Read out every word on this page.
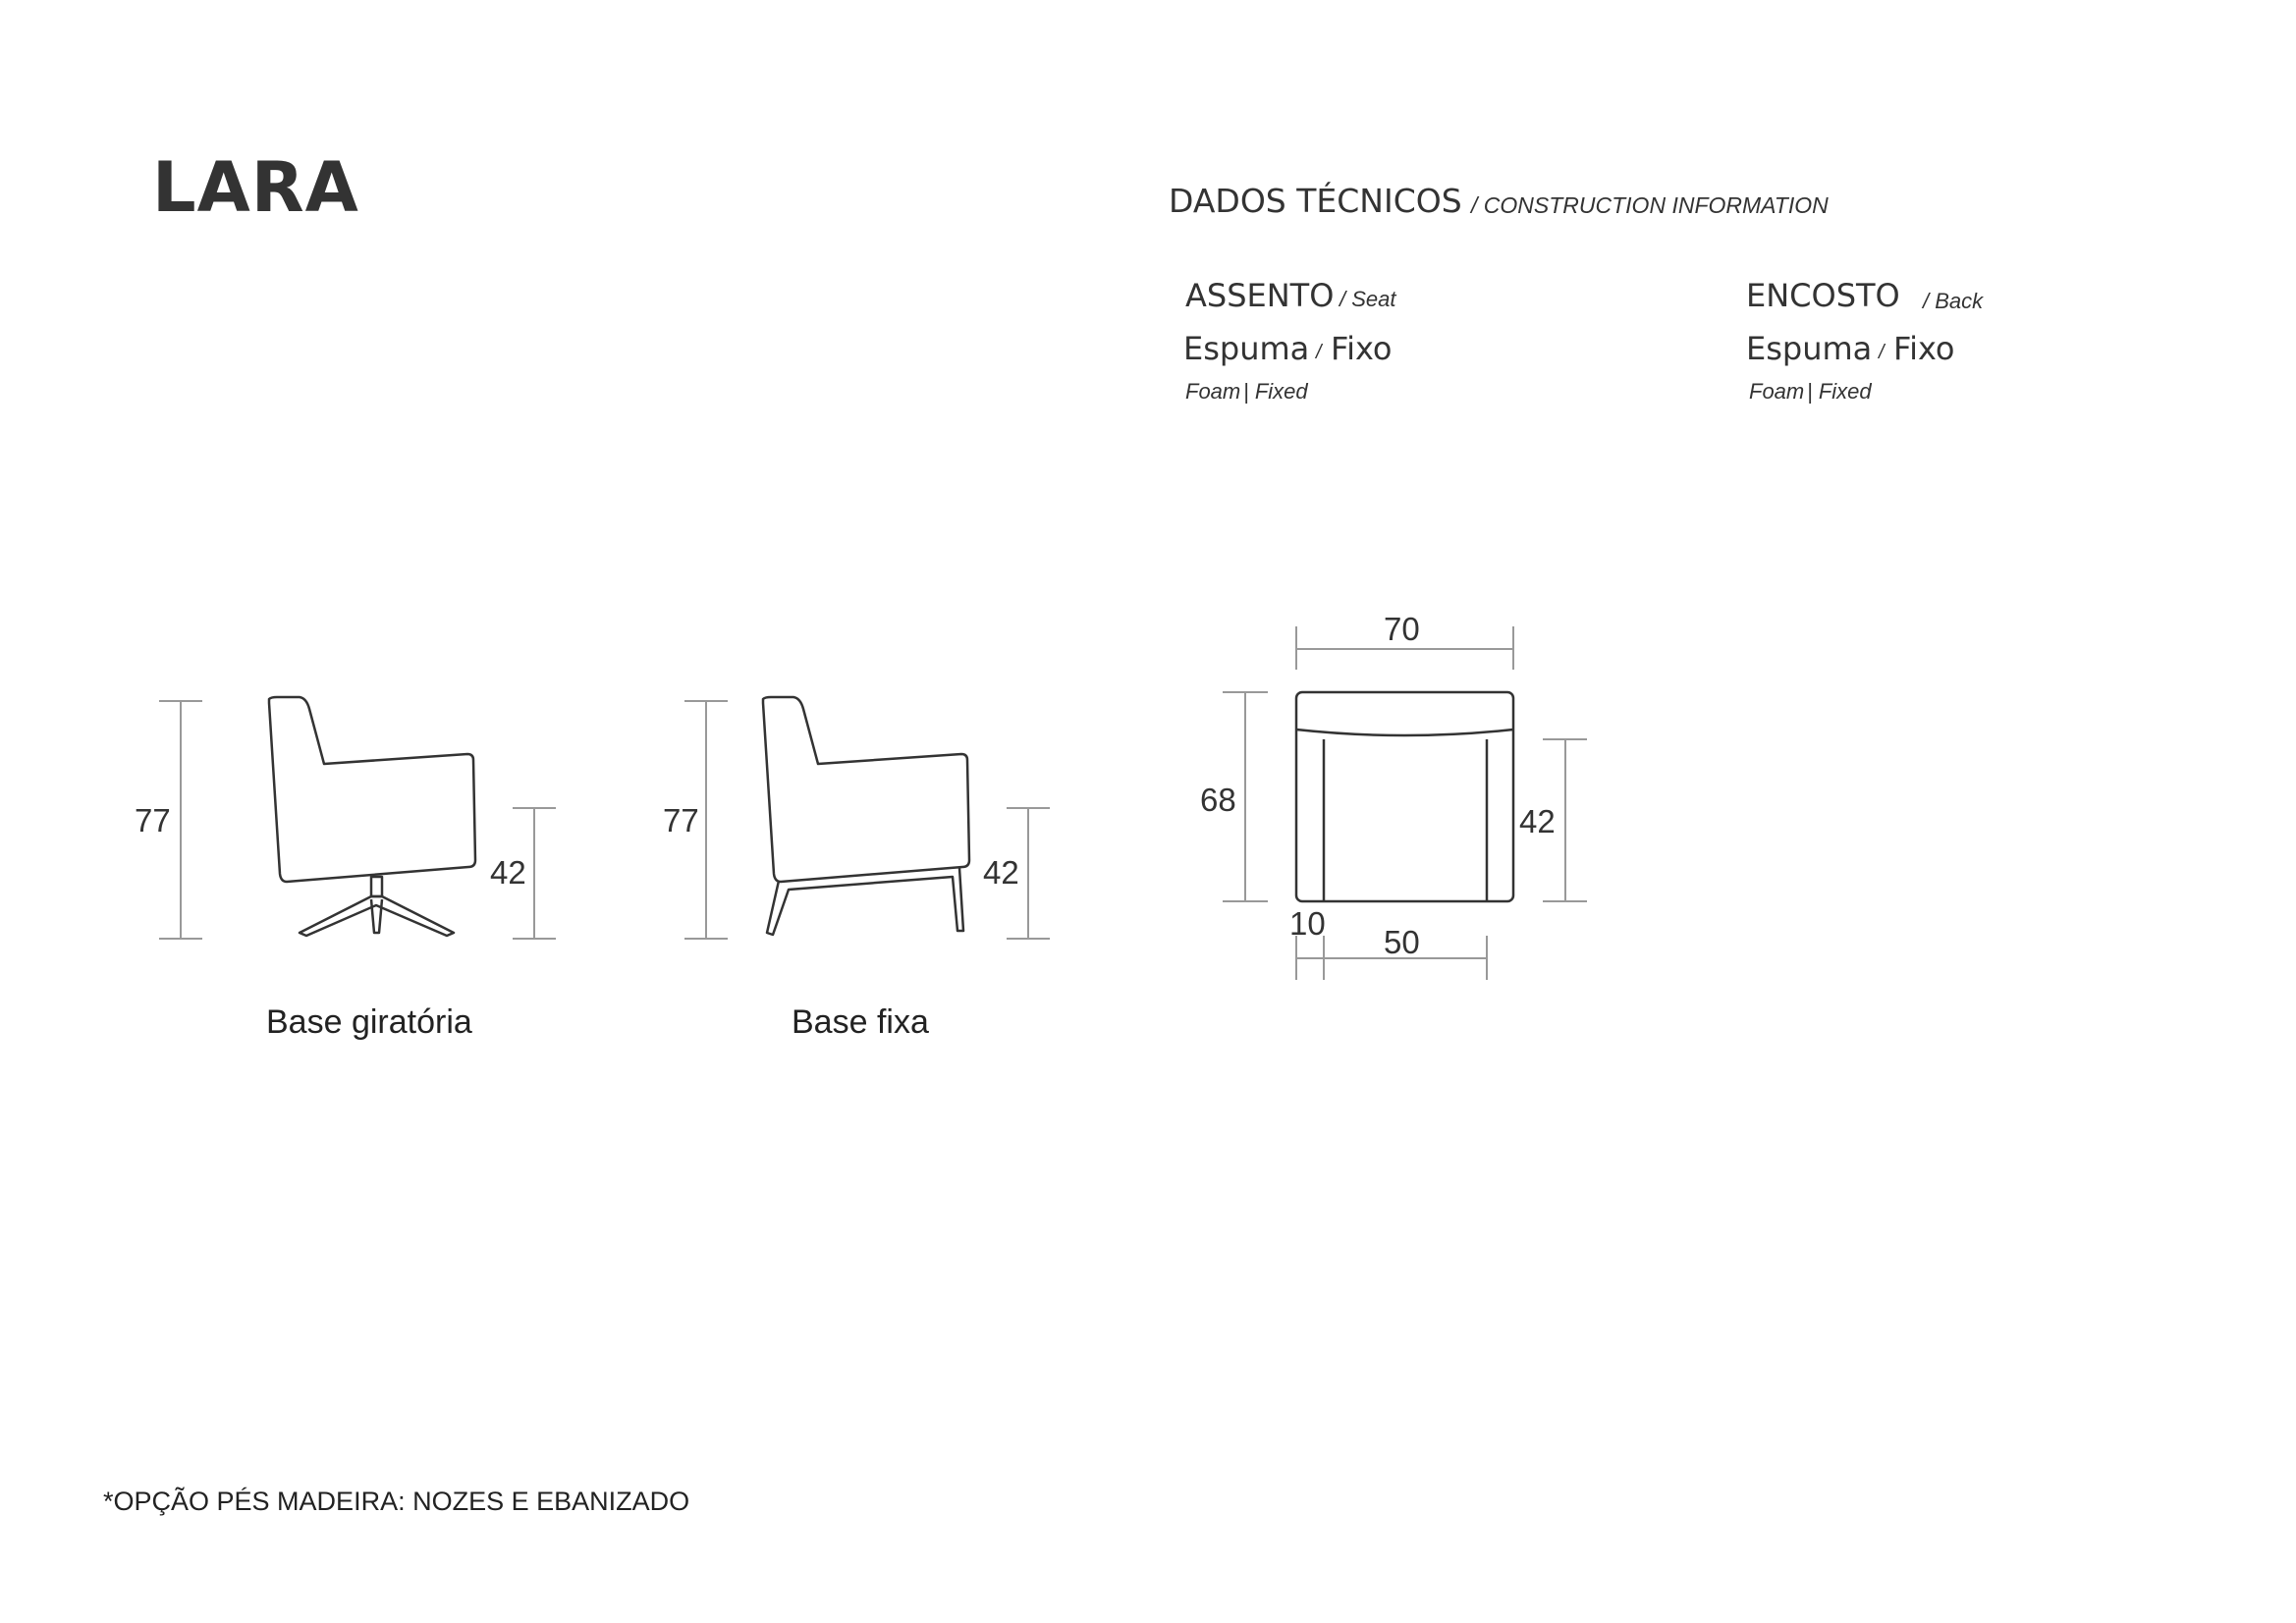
LARA	DADOS TÉCNICOS / CONSTRUCTION INFORMATION
ASSENTO / Seat
Espuma / Fixo
Foam | Fixed
ENCOSTO / Back
Espuma / Fixo
Foam | Fixed
77
42
77
42
70
68
42
10
50
Base giratória	Base fixa
*OPÇÃO PÉS MADEIRA: NOZES E EBANIZADO
